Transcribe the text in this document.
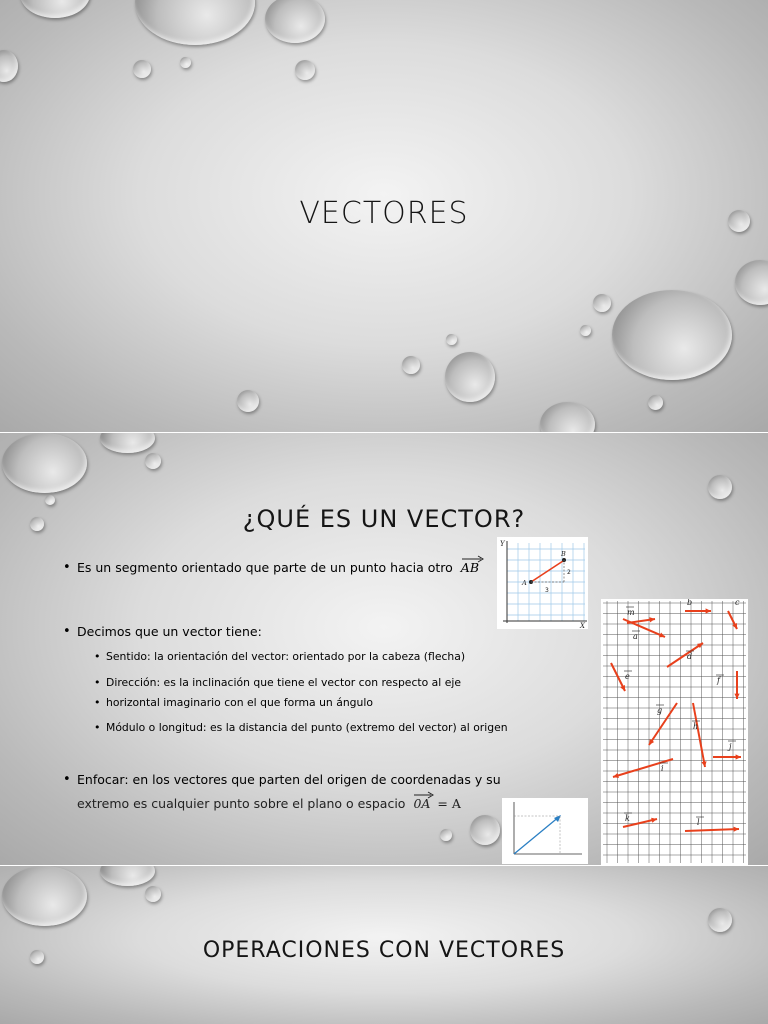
VECTORES
¿QUÉ ES UN VECTOR?
• Es un segmento orientado que parte de un punto hacia otro AB
• Decimos que un vector tiene:
• Sentido: la orientación del vector: orientado por la cabeza (flecha)
• Dirección: es la inclinación que tiene el vector con respecto al eje
• horizontal imaginario con el que forma un ángulo
• Módulo o longitud: es la distancia del punto (extremo del vector) al origen
• Enfocar: en los vectores que parten del origen de coordenadas y su
extremo es cualquier punto sobre el plano o espacio 0A = A
Y
X
A
B
3
2
a
b	c
d
e	f
g
h
i
j
k	l
m
OPERACIONES CON VECTORES
